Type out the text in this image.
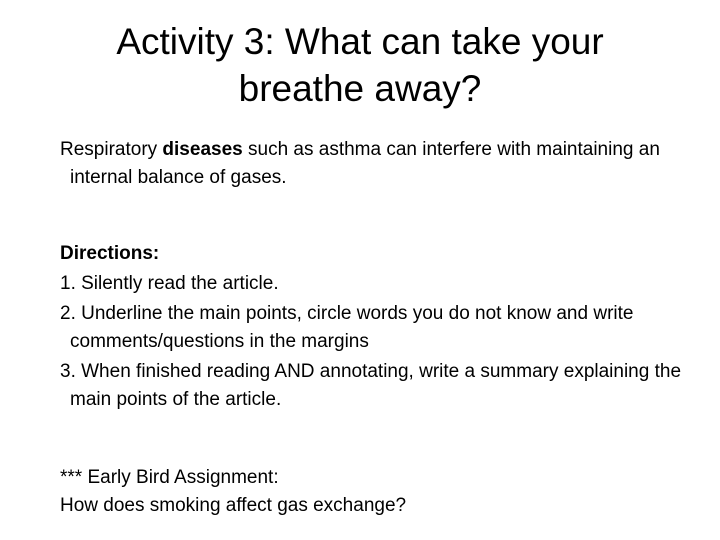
Activity 3: What can take your
breathe away?

Respiratory diseases such as asthma can interfere with maintaining an internal balance of gases.

Directions:

1. Silently read the article.

2. Underline the main points, circle words you do not know and write comments/questions in the margins

3. When finished reading AND annotating, write a summary explaining the main points of the article.

*** Early Bird Assignment:

How does smoking affect gas exchange?
